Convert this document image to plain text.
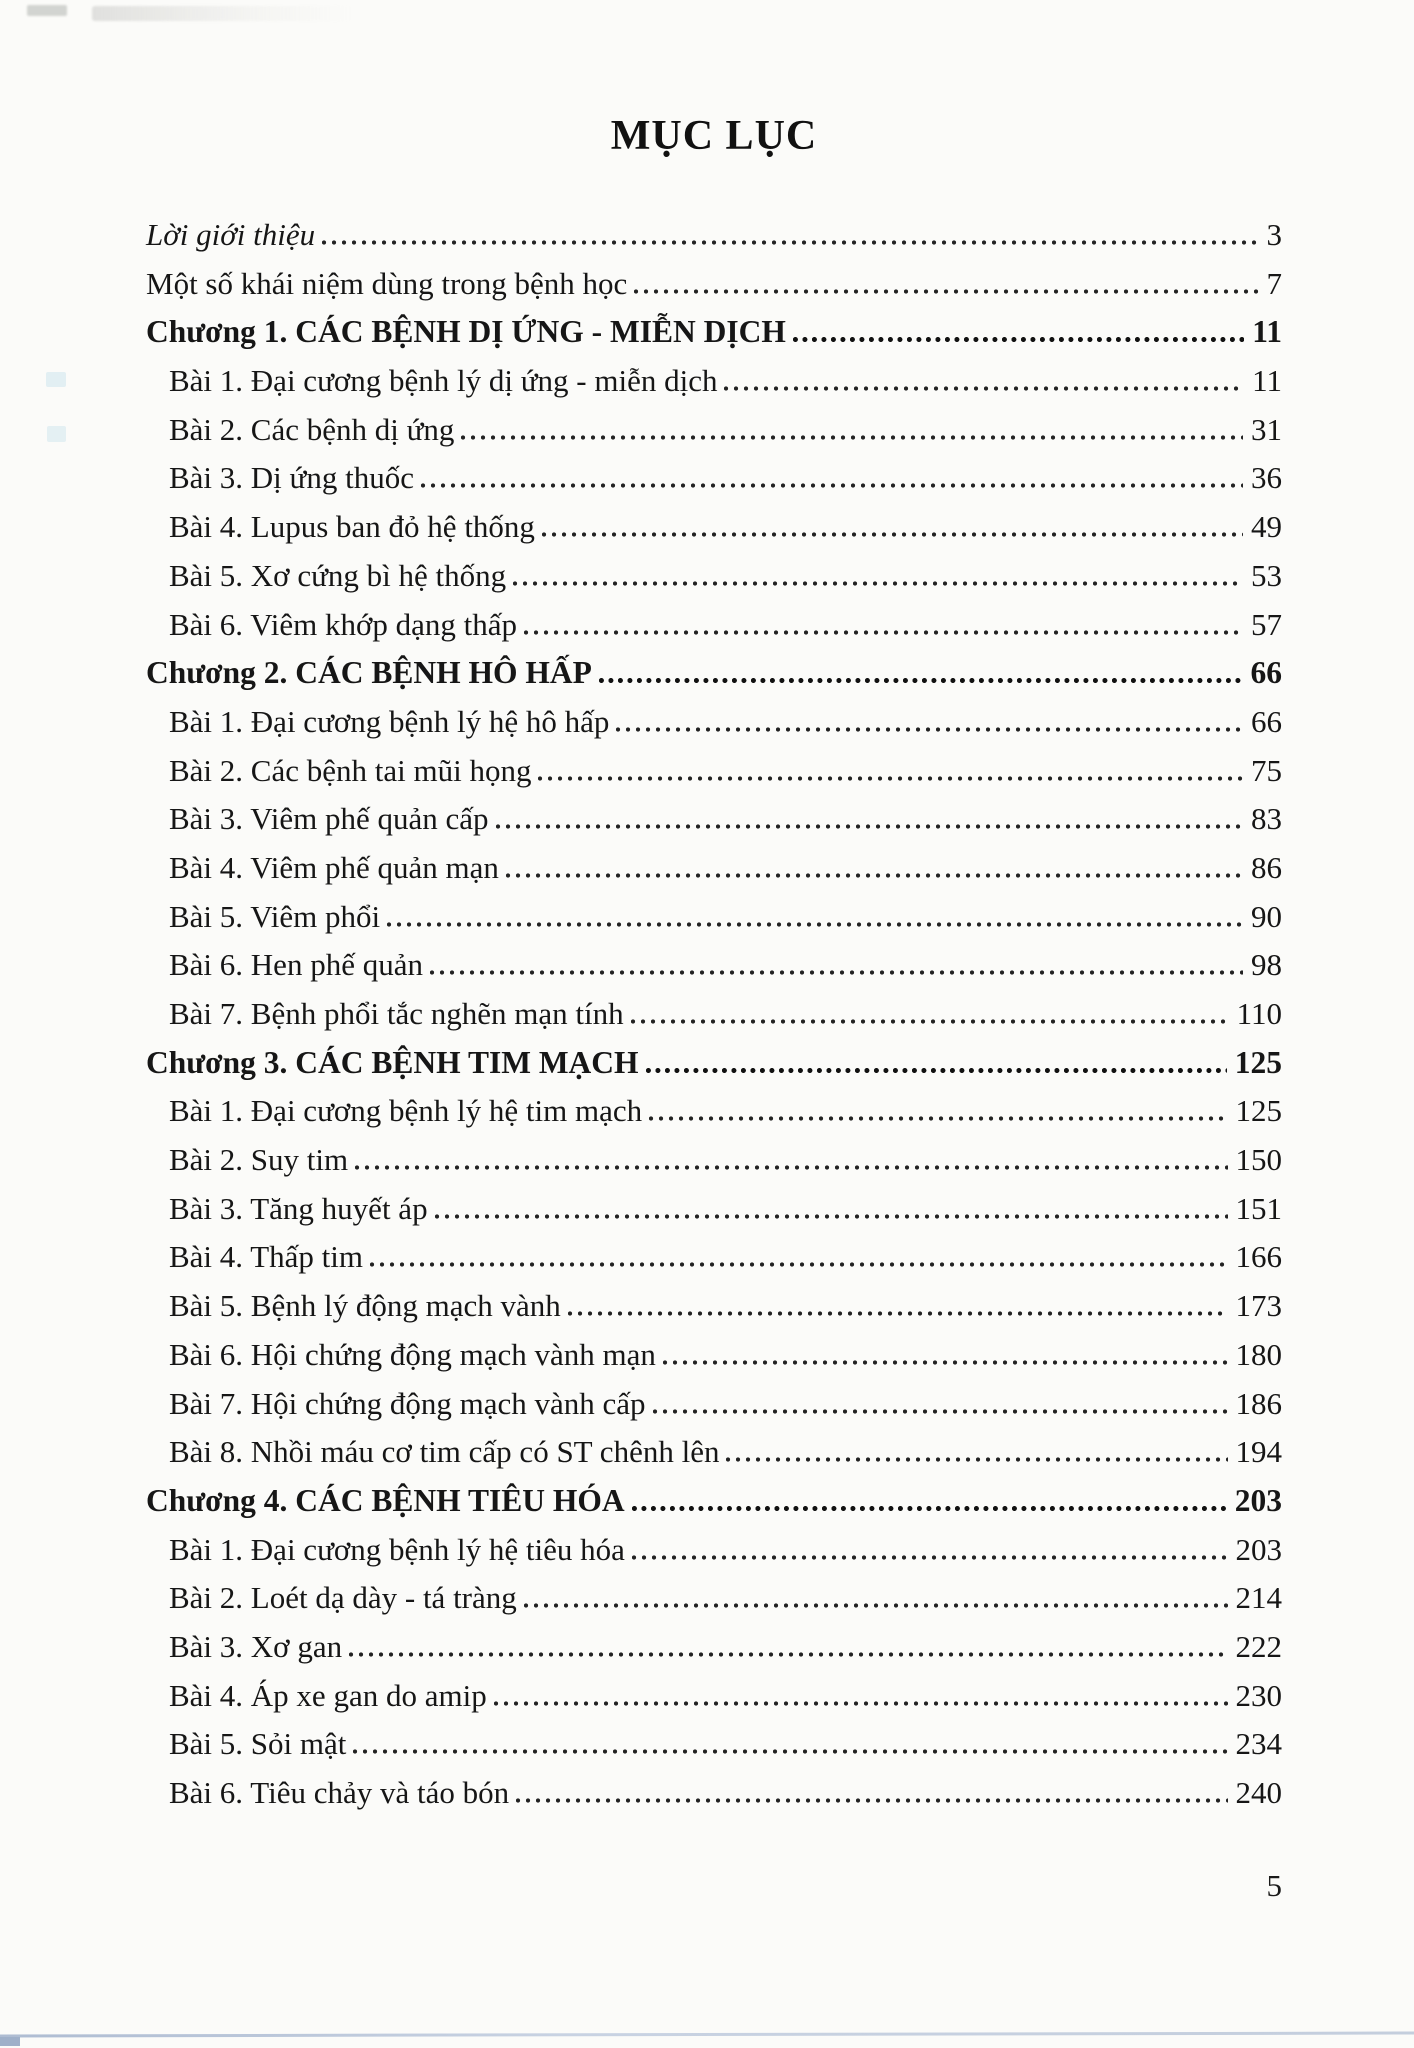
MỤC LỤC
Lời giới thiệu	3
Một số khái niệm dùng trong bệnh học	7
Chương 1. CÁC BỆNH DỊ ỨNG - MIỄN DỊCH	11
Bài 1. Đại cương bệnh lý dị ứng - miễn dịch	11
Bài 2. Các bệnh dị ứng	31
Bài 3. Dị ứng thuốc	36
Bài 4. Lupus ban đỏ hệ thống	49
Bài 5. Xơ cứng bì hệ thống	53
Bài 6. Viêm khớp dạng thấp	57
Chương 2. CÁC BỆNH HÔ HẤP	66
Bài 1. Đại cương bệnh lý hệ hô hấp	66
Bài 2. Các bệnh tai mũi họng	75
Bài 3. Viêm phế quản cấp	83
Bài 4. Viêm phế quản mạn	86
Bài 5. Viêm phổi	90
Bài 6. Hen phế quản	98
Bài 7. Bệnh phổi tắc nghẽn mạn tính	110
Chương 3. CÁC BỆNH TIM MẠCH	125
Bài 1. Đại cương bệnh lý hệ tim mạch	125
Bài 2. Suy tim	150
Bài 3. Tăng huyết áp	151
Bài 4. Thấp tim	166
Bài 5. Bệnh lý động mạch vành	173
Bài 6. Hội chứng động mạch vành mạn	180
Bài 7. Hội chứng động mạch vành cấp	186
Bài 8. Nhồi máu cơ tim cấp có ST chênh lên	194
Chương 4. CÁC BỆNH TIÊU HÓA	203
Bài 1. Đại cương bệnh lý hệ tiêu hóa	203
Bài 2. Loét dạ dày - tá tràng	214
Bài 3. Xơ gan	222
Bài 4. Áp xe gan do amip	230
Bài 5. Sỏi mật	234
Bài 6. Tiêu chảy và táo bón	240
5
